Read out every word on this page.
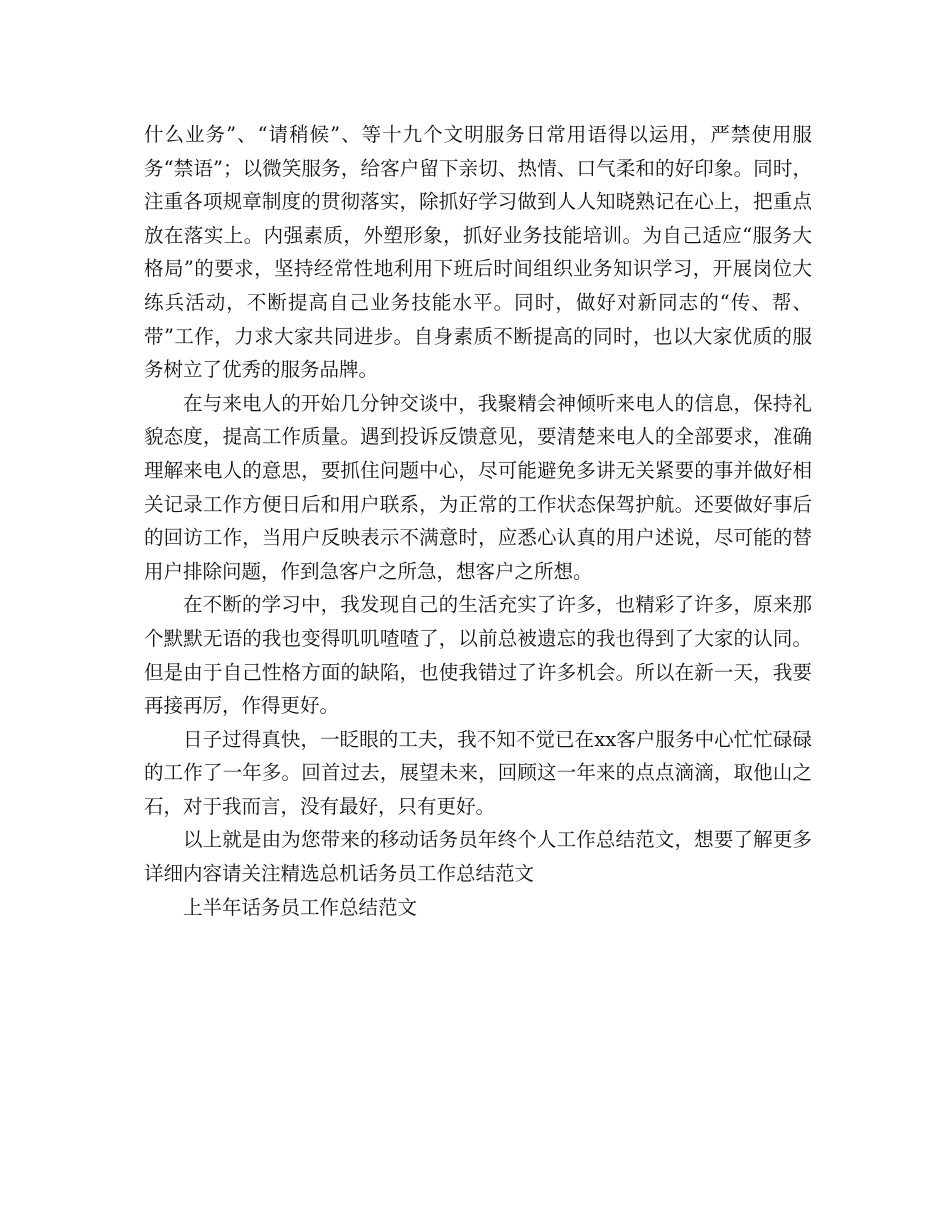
什么业务”、“请稍候”、等十九个文明服务日常用语得以运用，严禁使用服务“禁语”；以微笑服务，给客户留下亲切、热情、口气柔和的好印象。同时，注重各项规章制度的贯彻落实，除抓好学习做到人人知晓熟记在心上，把重点放在落实上。内强素质，外塑形象，抓好业务技能培训。为自己适应“服务大格局”的要求，坚持经常性地利用下班后时间组织业务知识学习，开展岗位大练兵活动，不断提高自己业务技能水平。同时，做好对新同志的“传、帮、带”工作，力求大家共同进步。自身素质不断提高的同时，也以大家优质的服务树立了优秀的服务品牌。

在与来电人的开始几分钟交谈中，我聚精会神倾听来电人的信息，保持礼貌态度，提高工作质量。遇到投诉反馈意见，要清楚来电人的全部要求，准确理解来电人的意思，要抓住问题中心，尽可能避免多讲无关紧要的事并做好相关记录工作方便日后和用户联系，为正常的工作状态保驾护航。还要做好事后的回访工作，当用户反映表示不满意时，应悉心认真的用户述说，尽可能的替用户排除问题，作到急客户之所急，想客户之所想。

在不断的学习中，我发现自己的生活充实了许多，也精彩了许多，原来那个默默无语的我也变得叽叽喳喳了，以前总被遗忘的我也得到了大家的认同。但是由于自己性格方面的缺陷，也使我错过了许多机会。所以在新一天，我要再接再厉，作得更好。

日子过得真快，一眨眼的工夫，我不知不觉已在xx客户服务中心忙忙碌碌的工作了一年多。回首过去，展望未来，回顾这一年来的点点滴滴，取他山之石，对于我而言，没有最好，只有更好。

以上就是由为您带来的移动话务员年终个人工作总结范文，想要了解更多详细内容请关注精选总机话务员工作总结范文

上半年话务员工作总结范文
